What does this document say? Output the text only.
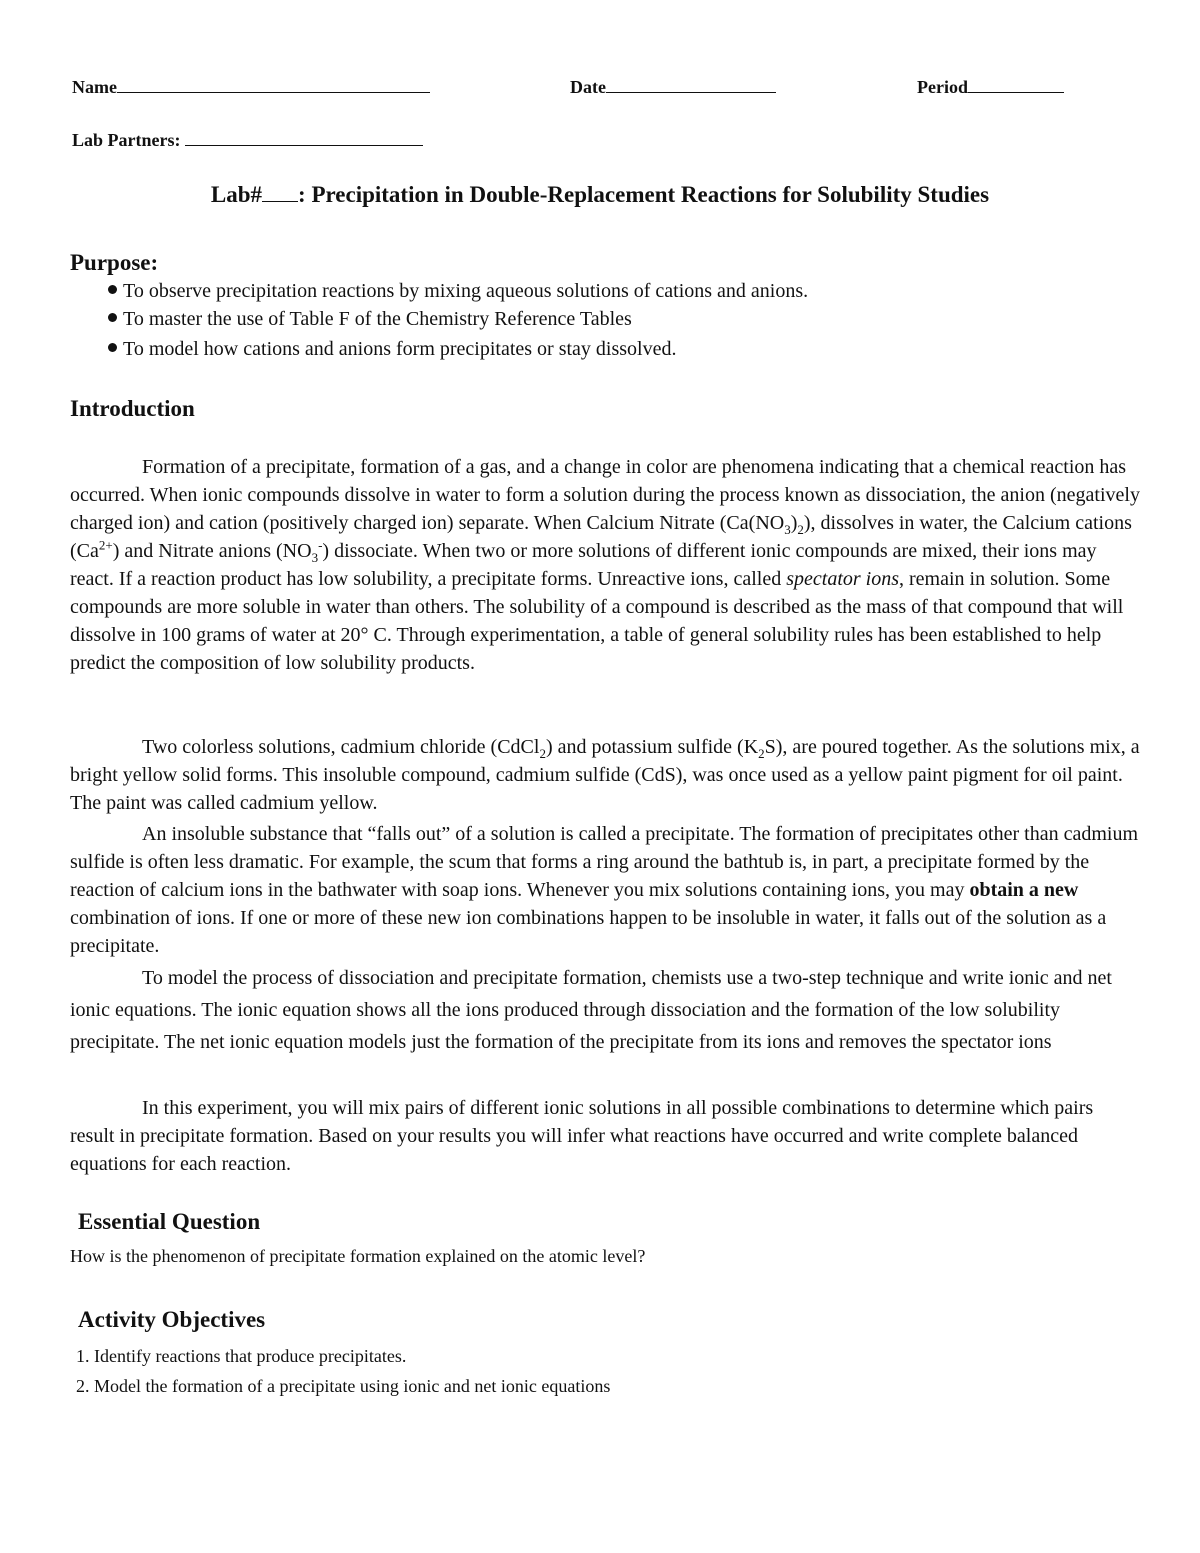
Name	Date	Period
Lab Partners:
Lab# : Precipitation in Double-Replacement Reactions for Solubility Studies
Purpose:
To observe precipitation reactions by mixing aqueous solutions of cations and anions.
To master the use of Table F of the Chemistry Reference Tables
To model how cations and anions form precipitates or stay dissolved.
Introduction
Formation of a precipitate, formation of a gas, and a change in color are phenomena indicating that a chemical reaction has occurred. When ionic compounds dissolve in water to form a solution during the process known as dissociation, the anion (negatively charged ion) and cation (positively charged ion) separate. When Calcium Nitrate $(Ca(NO_3)_2)$, dissolves in water, the Calcium cations $(Ca^{2+})$ and Nitrate anions $(NO_3^-)$ dissociate. When two or more solutions of different ionic compounds are mixed, their ions may react. If a reaction product has low solubility, a precipitate forms. Unreactive ions, called spectator ions, remain in solution. Some compounds are more soluble in water than others. The solubility of a compound is described as the mass of that compound that will dissolve in 100 grams of water at 20° C. Through experimentation, a table of general solubility rules has been established to help predict the composition of low solubility products.
Two colorless solutions, cadmium chloride (CdCl$_2$) and potassium sulfide $(K_2S)$, are poured together. As the solutions mix, a bright yellow solid forms. This insoluble compound, cadmium sulfide (CdS), was once used as a yellow paint pigment for oil paint. The paint was called cadmium yellow.
An insoluble substance that “falls out” of a solution is called a precipitate. The formation of precipitates other than cadmium sulfide is often less dramatic. For example, the scum that forms a ring around the bathtub is, in part, a precipitate formed by the reaction of calcium ions in the bathwater with soap ions. Whenever you mix solutions containing ions, you may obtain a new combination of ions. If one or more of these new ion combinations happen to be insoluble in water, it falls out of the solution as a precipitate.
To model the process of dissociation and precipitate formation, chemists use a two-step technique and write ionic and net ionic equations. The ionic equation shows all the ions produced through dissociation and the formation of the low solubility precipitate. The net ionic equation models just the formation of the precipitate from its ions and removes the spectator ions
In this experiment, you will mix pairs of different ionic solutions in all possible combinations to determine which pairs result in precipitate formation. Based on your results you will infer what reactions have occurred and write complete balanced equations for each reaction.
Essential Question
How is the phenomenon of precipitate formation explained on the atomic level?
Activity Objectives
1. Identify reactions that produce precipitates.
2. Model the formation of a precipitate using ionic and net ionic equations
